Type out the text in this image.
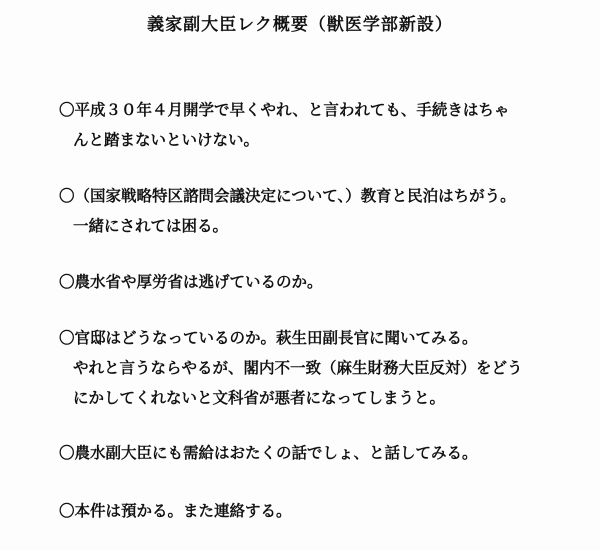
義家副大臣レク概要（獣医学部新設）
〇平成３０年４月開学で早くやれ、と言われても、手続きはちゃ
んと踏まないといけない。
〇（国家戦略特区諮問会議決定について、）教育と民泊はちがう。
一緒にされては困る。
〇農水省や厚労省は逃げているのか。
〇官邸はどうなっているのか。萩生田副長官に聞いてみる。
やれと言うならやるが、閣内不一致（麻生財務大臣反対）をどう
にかしてくれないと文科省が悪者になってしまうと。
〇農水副大臣にも需給はおたくの話でしょ、と話してみる。
〇本件は預かる。また連絡する。
